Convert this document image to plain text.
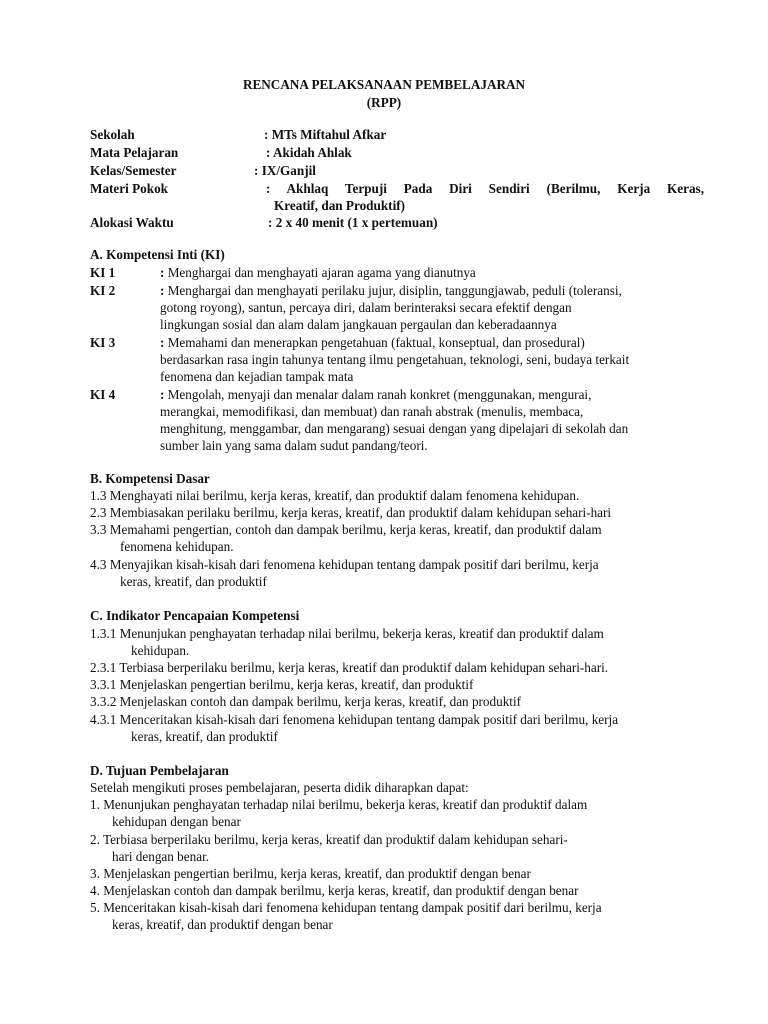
RENCANA PELAKSANAAN PEMBELAJARAN
(RPP)
Sekolah	: MTs Miftahul Afkar
Mata Pelajaran	: Akidah Ahlak
Kelas/Semester	: IX/Ganjil
Materi Pokok	: Akhlaq Terpuji Pada Diri Sendiri (Berilmu, Kerja Keras,
Kreatif, dan Produktif)
Alokasi Waktu	: 2 x 40 menit (1 x pertemuan)
A. Kompetensi Inti (KI)
KI 1	: Menghargai dan menghayati ajaran agama yang dianutnya
KI 2	: Menghargai dan menghayati perilaku jujur, disiplin, tanggungjawab, peduli (toleransi,
gotong royong), santun, percaya diri, dalam berinteraksi secara efektif dengan
lingkungan sosial dan alam dalam jangkauan pergaulan dan keberadaannya
KI 3	: Memahami dan menerapkan pengetahuan (faktual, konseptual, dan prosedural)
berdasarkan rasa ingin tahunya tentang ilmu pengetahuan, teknologi, seni, budaya terkait
fenomena dan kejadian tampak mata
KI 4	: Mengolah, menyaji dan menalar dalam ranah konkret (menggunakan, mengurai,
merangkai, memodifikasi, dan membuat) dan ranah abstrak (menulis, membaca,
menghitung, menggambar, dan mengarang) sesuai dengan yang dipelajari di sekolah dan
sumber lain yang sama dalam sudut pandang/teori.
B. Kompetensi Dasar
1.3 Menghayati nilai berilmu, kerja keras, kreatif, dan produktif dalam fenomena kehidupan.
2.3 Membiasakan perilaku berilmu, kerja keras, kreatif, dan produktif dalam kehidupan sehari-hari
3.3 Memahami pengertian, contoh dan dampak berilmu, kerja keras, kreatif, dan produktif dalam
fenomena kehidupan.
4.3 Menyajikan kisah-kisah dari fenomena kehidupan tentang dampak positif dari berilmu, kerja
keras, kreatif, dan produktif
C. Indikator Pencapaian Kompetensi
1.3.1 Menunjukan penghayatan terhadap nilai berilmu, bekerja keras, kreatif dan produktif dalam
kehidupan.
2.3.1 Terbiasa berperilaku berilmu, kerja keras, kreatif dan produktif dalam kehidupan sehari-hari.
3.3.1 Menjelaskan pengertian berilmu, kerja keras, kreatif, dan produktif
3.3.2 Menjelaskan contoh dan dampak berilmu, kerja keras, kreatif, dan produktif
4.3.1 Menceritakan kisah-kisah dari fenomena kehidupan tentang dampak positif dari berilmu, kerja
keras, kreatif, dan produktif
D. Tujuan Pembelajaran
Setelah mengikuti proses pembelajaran, peserta didik diharapkan dapat:
1. Menunjukan penghayatan terhadap nilai berilmu, bekerja keras, kreatif dan produktif dalam
kehidupan dengan benar
2. Terbiasa berperilaku berilmu, kerja keras, kreatif dan produktif dalam kehidupan sehari-
hari dengan benar.
3. Menjelaskan pengertian berilmu, kerja keras, kreatif, dan produktif dengan benar
4. Menjelaskan contoh dan dampak berilmu, kerja keras, kreatif, dan produktif dengan benar
5. Menceritakan kisah-kisah dari fenomena kehidupan tentang dampak positif dari berilmu, kerja
keras, kreatif, dan produktif dengan benar
